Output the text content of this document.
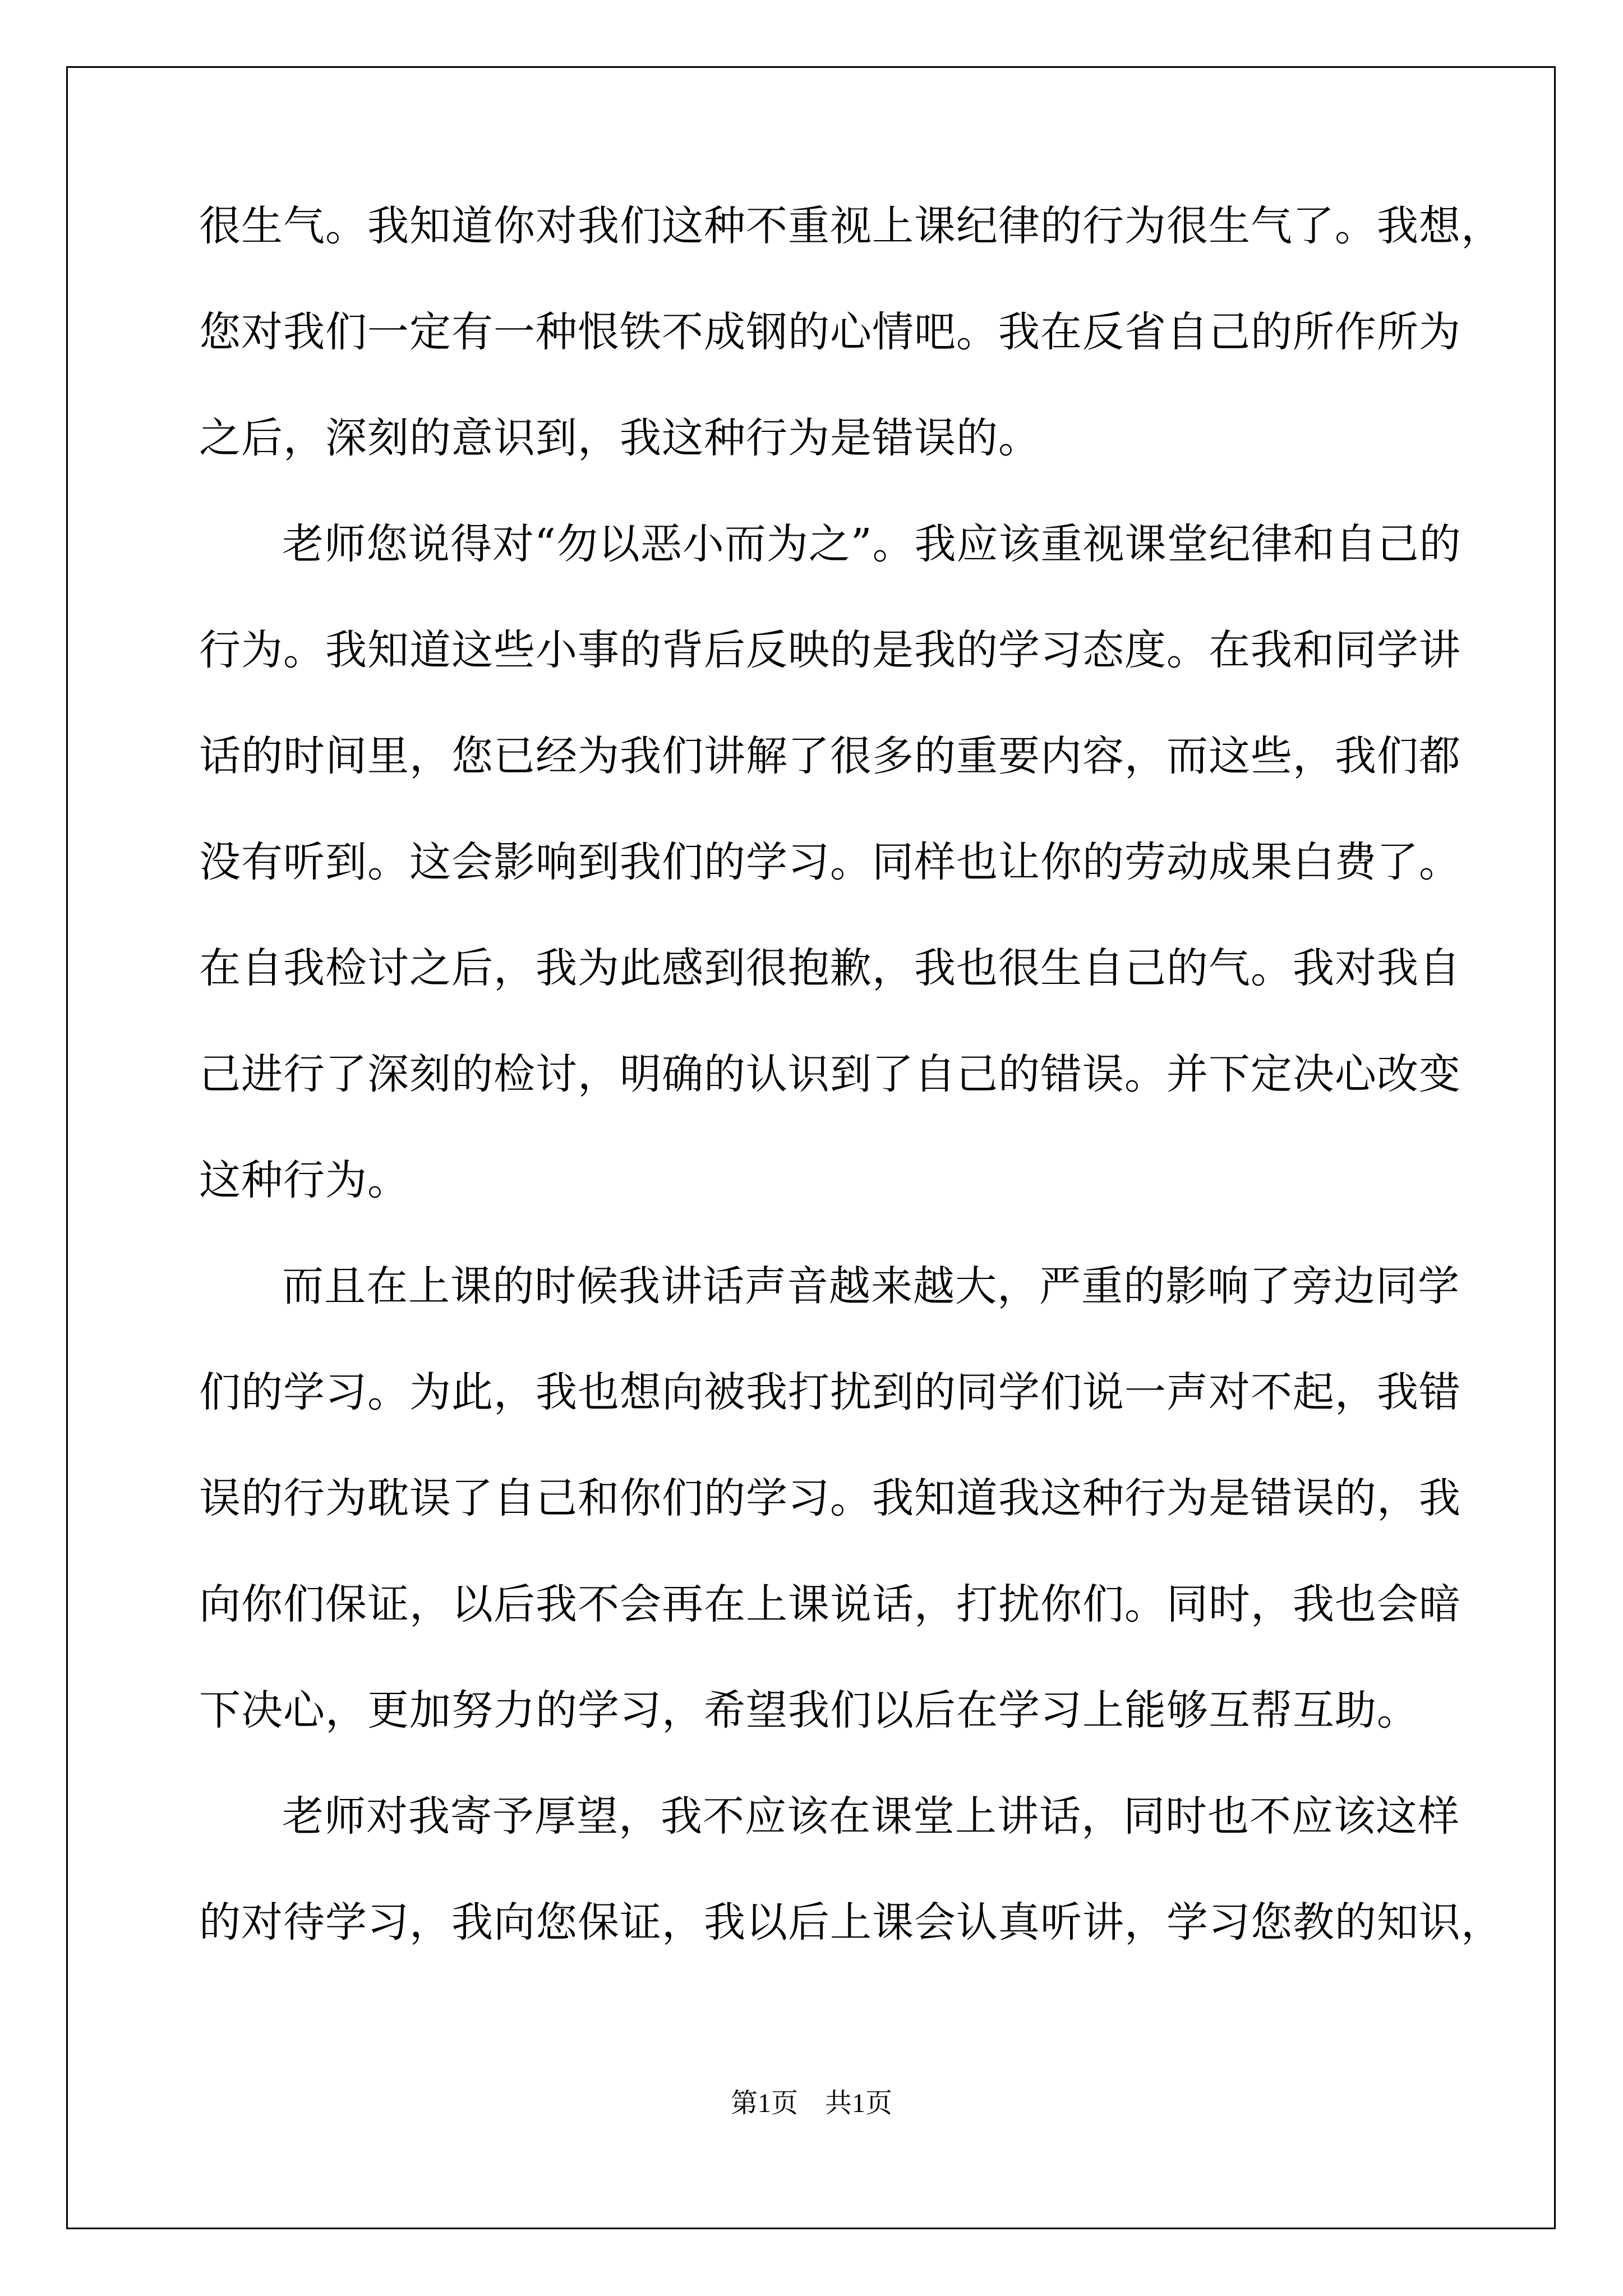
很生气。我知道你对我们这种不重视上课纪律的行为很生气了。我想，
您对我们一定有一种恨铁不成钢的心情吧。我在反省自己的所作所为
之后，深刻的意识到，我这种行为是错误的。
老师您说得对“勿以恶小而为之”。我应该重视课堂纪律和自己的
行为。我知道这些小事的背后反映的是我的学习态度。在我和同学讲
话的时间里，您已经为我们讲解了很多的重要内容，而这些，我们都
没有听到。这会影响到我们的学习。同样也让你的劳动成果白费了。
在自我检讨之后，我为此感到很抱歉，我也很生自己的气。我对我自
己进行了深刻的检讨，明确的认识到了自己的错误。并下定决心改变
这种行为。
而且在上课的时候我讲话声音越来越大，严重的影响了旁边同学
们的学习。为此，我也想向被我打扰到的同学们说一声对不起，我错
误的行为耽误了自己和你们的学习。我知道我这种行为是错误的，我
向你们保证，以后我不会再在上课说话，打扰你们。同时，我也会暗
下决心，更加努力的学习，希望我们以后在学习上能够互帮互助。
老师对我寄予厚望，我不应该在课堂上讲话，同时也不应该这样
的对待学习，我向您保证，我以后上课会认真听讲，学习您教的知识，
第1页 共1页
